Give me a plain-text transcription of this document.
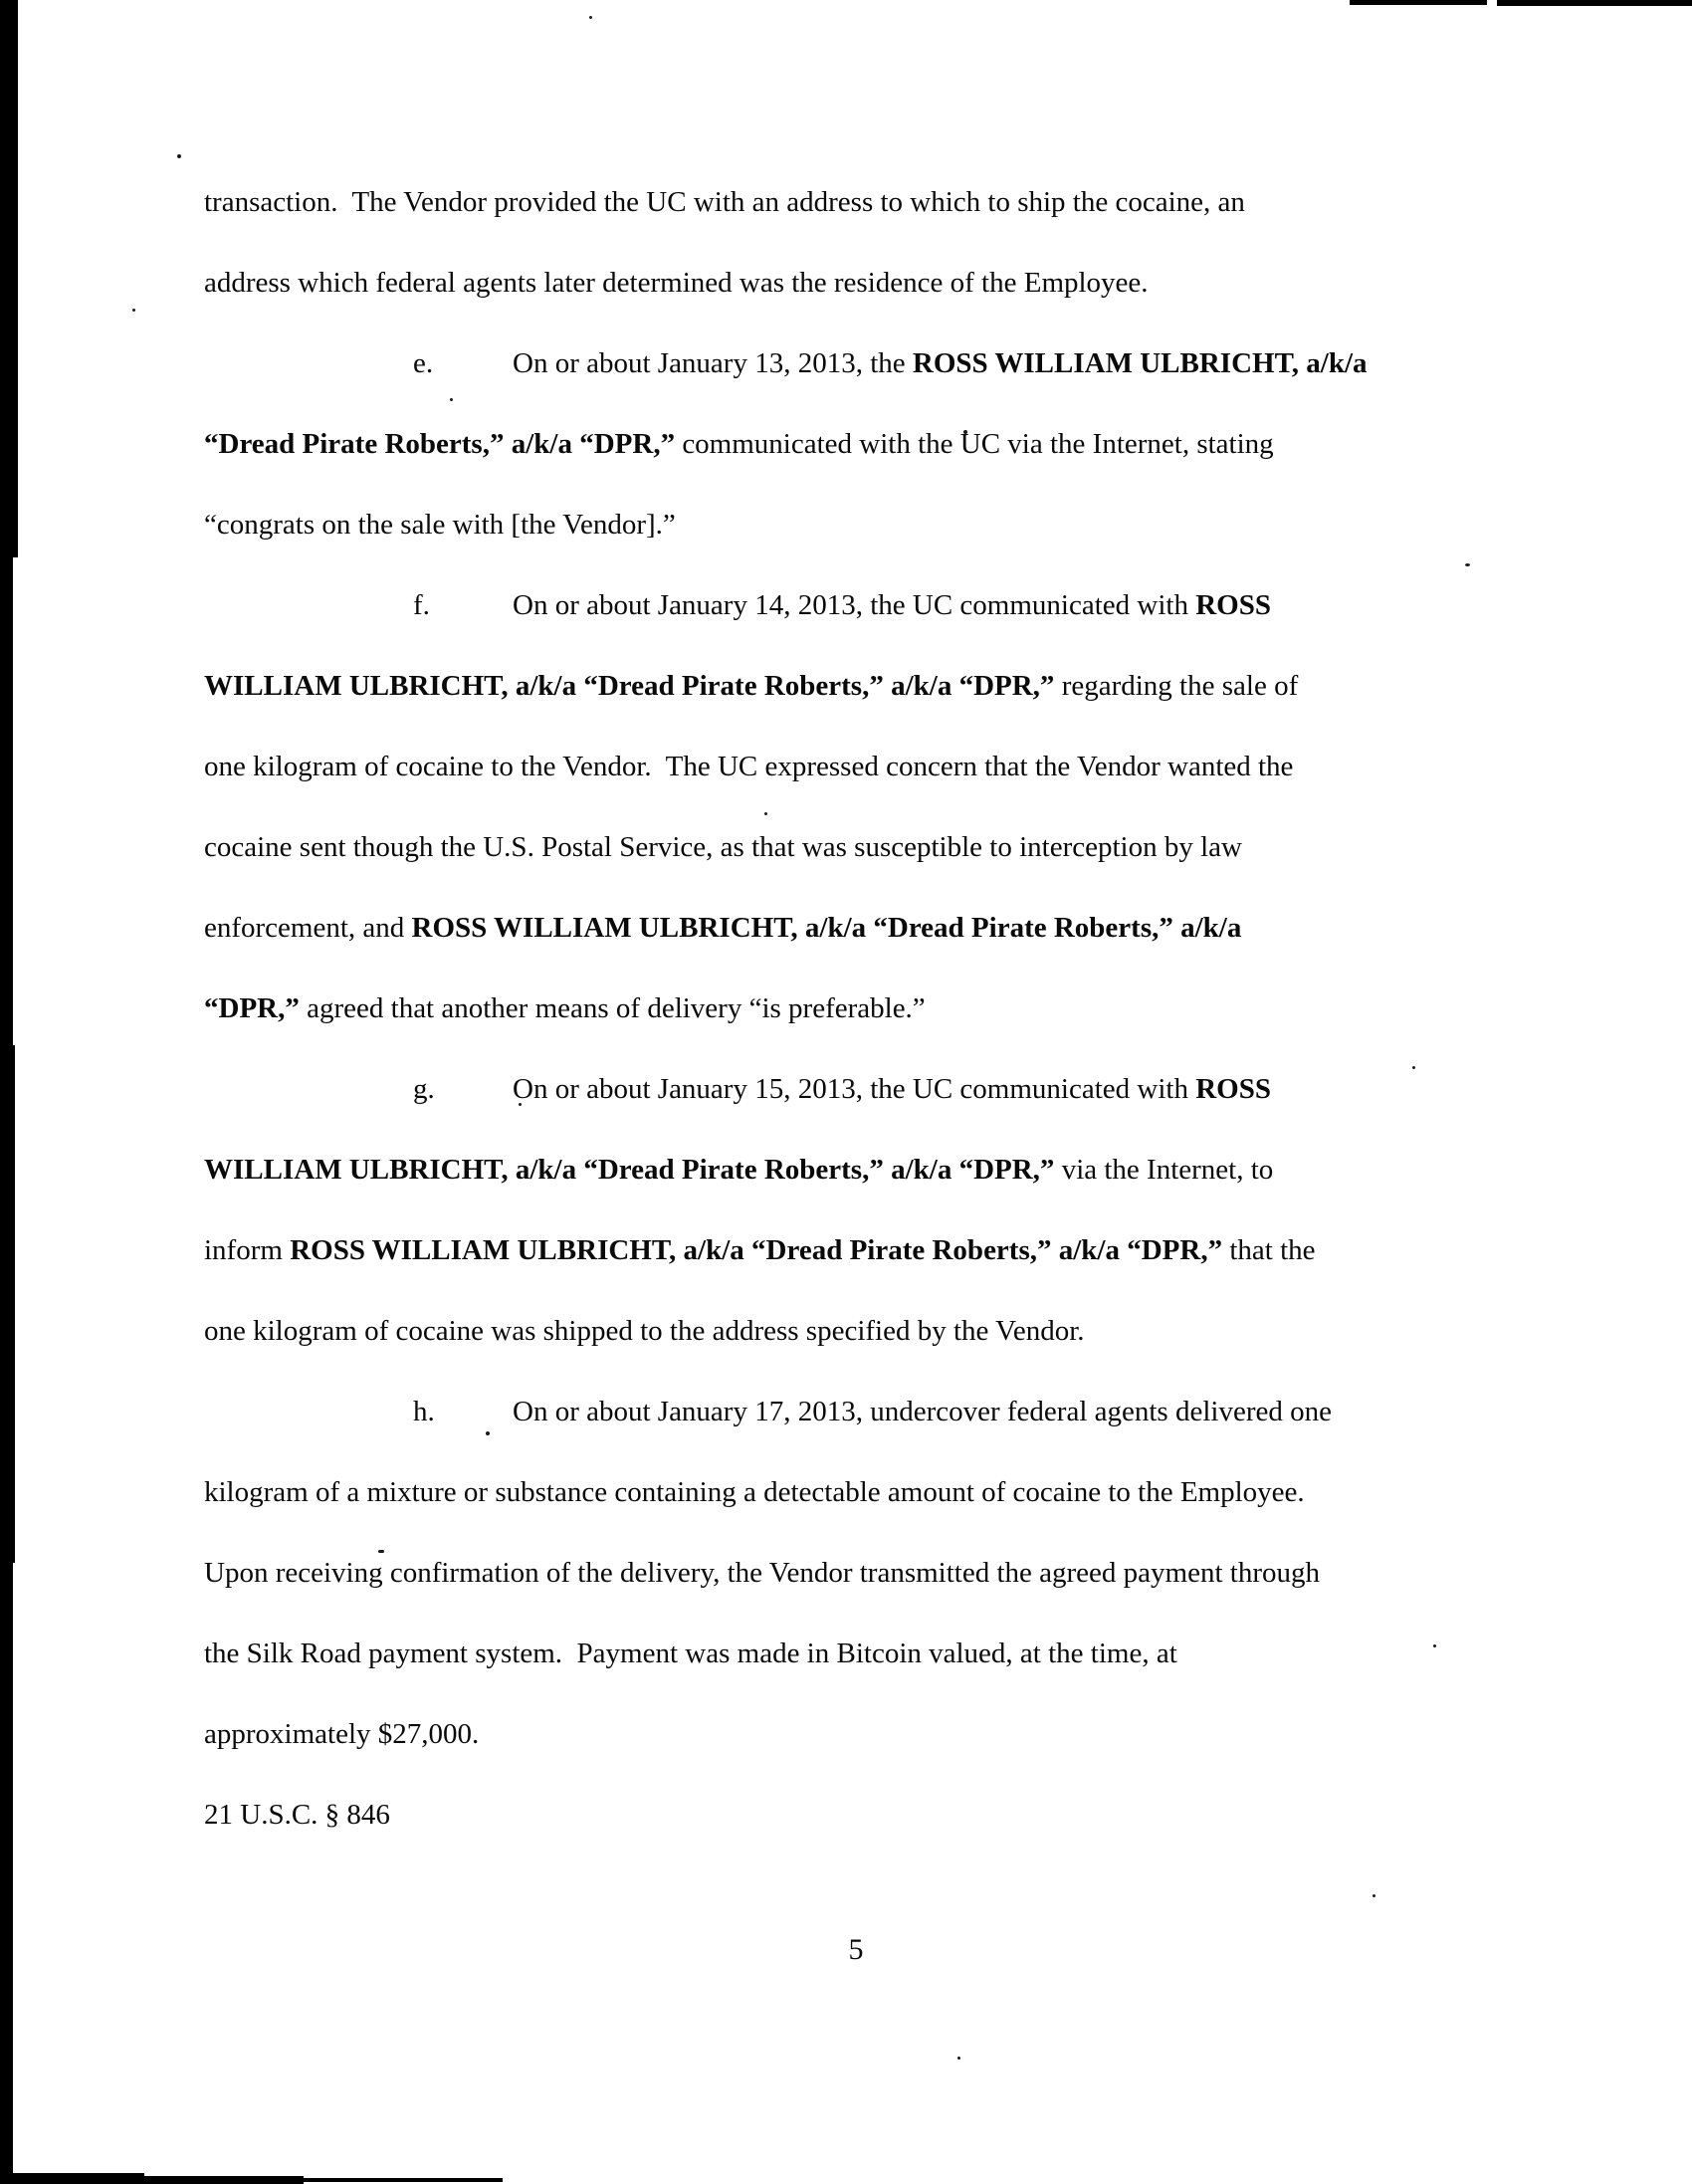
transaction.  The Vendor provided the UC with an address to which to ship the cocaine, an
address which federal agents later determined was the residence of the Employee.
e.	On or about January 13, 2013, the ROSS WILLIAM ULBRICHT, a/k/a
“Dread Pirate Roberts,” a/k/a “DPR,” communicated with the UC via the Internet, stating
“congrats on the sale with [the Vendor].”
f.	On or about January 14, 2013, the UC communicated with ROSS
WILLIAM ULBRICHT, a/k/a “Dread Pirate Roberts,” a/k/a “DPR,” regarding the sale of
one kilogram of cocaine to the Vendor.  The UC expressed concern that the Vendor wanted the
cocaine sent though the U.S. Postal Service, as that was susceptible to interception by law
enforcement, and ROSS WILLIAM ULBRICHT, a/k/a “Dread Pirate Roberts,” a/k/a
“DPR,” agreed that another means of delivery “is preferable.”
g.	On or about January 15, 2013, the UC communicated with ROSS
WILLIAM ULBRICHT, a/k/a “Dread Pirate Roberts,” a/k/a “DPR,” via the Internet, to
inform ROSS WILLIAM ULBRICHT, a/k/a “Dread Pirate Roberts,” a/k/a “DPR,” that the
one kilogram of cocaine was shipped to the address specified by the Vendor.
h.	On or about January 17, 2013, undercover federal agents delivered one
kilogram of a mixture or substance containing a detectable amount of cocaine to the Employee.
Upon receiving confirmation of the delivery, the Vendor transmitted the agreed payment through
the Silk Road payment system.  Payment was made in Bitcoin valued, at the time, at
approximately $27,000.
21 U.S.C. § 846
5
